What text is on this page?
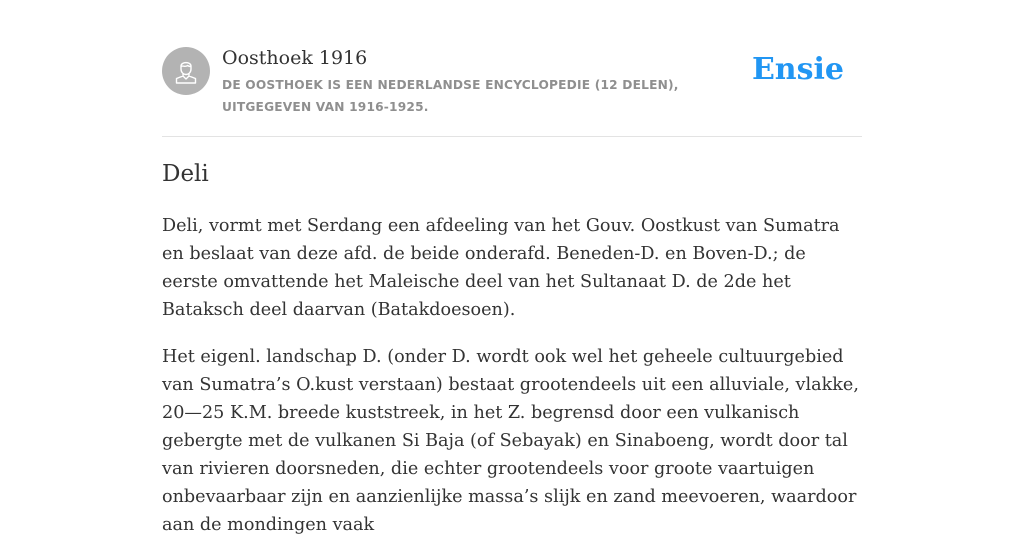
Oosthoek 1916
DE OOSTHOEK IS EEN NEDERLANDSE ENCYCLOPEDIE (12 DELEN), UITGEGEVEN VAN 1916-1925.
Ensie
Deli

Deli, vormt met Serdang een afdeeling van het Gouv. Oostkust van Sumatra en beslaat van deze afd. de beide onderafd. Beneden-D. en Boven-D.; de eerste omvattende het Maleische deel van het Sultanaat D. de 2de het Bataksch deel daarvan (Batakdoesoen).

Het eigenl. landschap D. (onder D. wordt ook wel het geheele cultuurgebied van Sumatra’s O.kust verstaan) bestaat grootendeels uit een alluviale, vlakke, 20—25 K.M. breede kuststreek, in het Z. begrensd door een vulkanisch gebergte met de vulkanen Si Baja (of Sebayak) en Sinaboeng, wordt door tal van rivieren doorsneden, die echter grootendeels voor groote vaartuigen onbevaarbaar zijn en aanzienlijke massa’s slijk en zand meevoeren, waardoor aan de mondingen vaak
